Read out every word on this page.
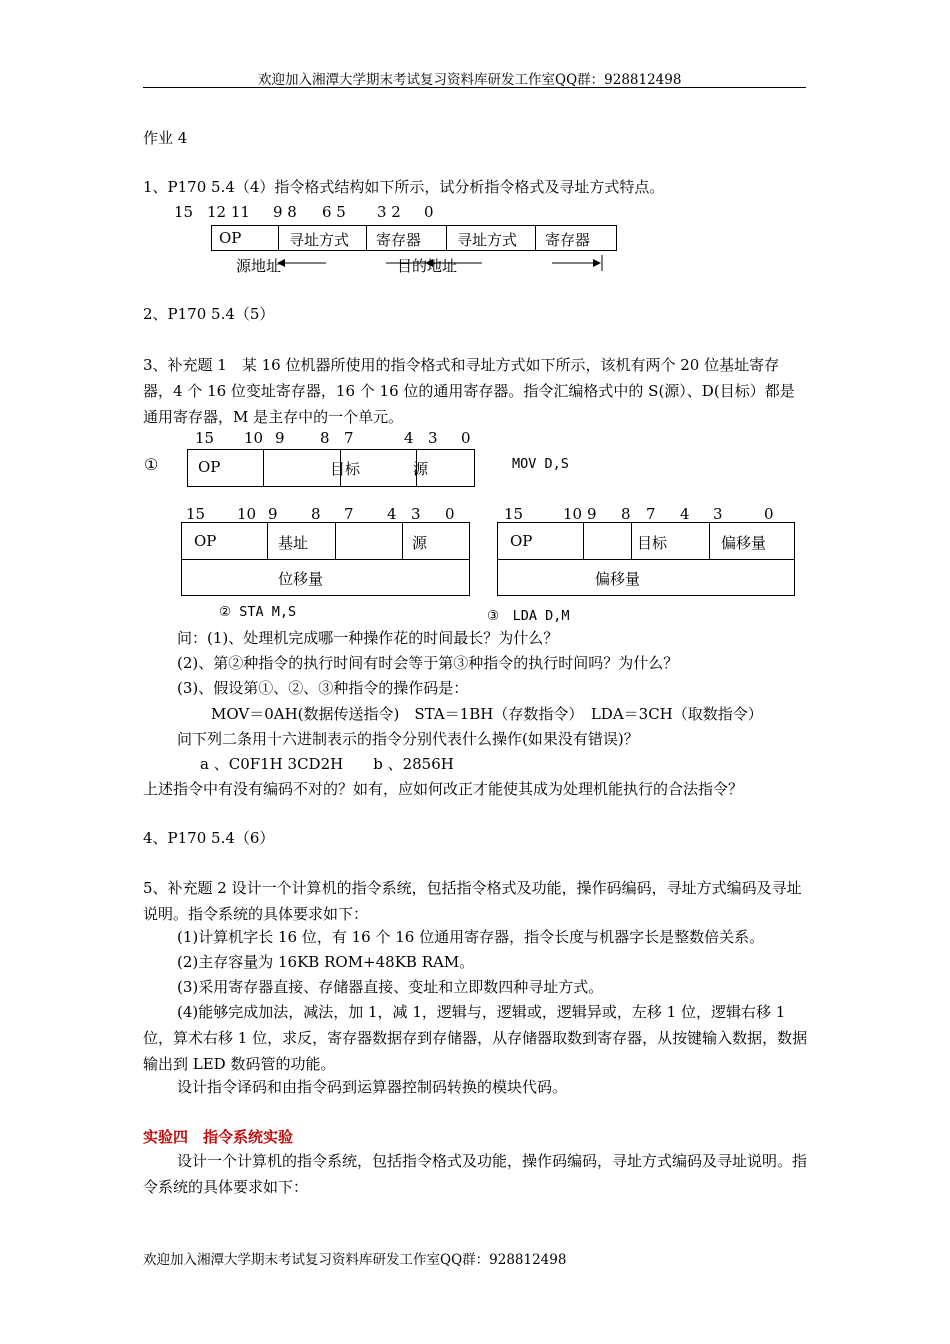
欢迎加入湘潭大学期末考试复习资料库研发工作室QQ群：928812498
作业 4
1、P170 5.4（4）指令格式结构如下所示，试分析指令格式及寻址方式特点。
15 12 11 9 8 6 5 3 2 0
OP	寻址方式 寄存器 寻址方式 寄存器
源地址	目的地址
2、P170 5.4（5）
3、补充题 1　某 16 位机器所使用的指令格式和寻址方式如下所示，该机有两个 20 位基址寄存器，4 个 16 位变址寄存器，16 个 16 位的通用寄存器。指令汇编格式中的 S(源）、D(目标）都是通用寄存器，M 是主存中的一个单元。
15 10 9 8 7	4 3 0
①	OP	目标	源	MOV D,S
15 10 9 8 7 4 3 0
OP	基址	源
位移量
② STA M,S
15	10 9 8 7 4 3	0
OP	目标	偏移量
偏移量
③　LDA D,M
问：(1)、处理机完成哪一种操作花的时间最长？为什么？
(2)、第②种指令的执行时间有时会等于第③种指令的执行时间吗？为什么？
(3)、假设第①、②、③种指令的操作码是：
MOV＝0AH(数据传送指令)　STA＝1BH（存数指令）　LDA＝3CH（取数指令）
问下列二条用十六进制表示的指令分别代表什么操作(如果没有错误)？
a 、C0F1H 3CD2H　　b 、2856H
上述指令中有没有编码不对的？如有，应如何改正才能使其成为处理机能执行的合法指令？
4、P170 5.4（6）
5、补充题 2 设计一个计算机的指令系统，包括指令格式及功能，操作码编码，寻址方式编码及寻址说明。指令系统的具体要求如下：
(1)计算机字长 16 位，有 16 个 16 位通用寄存器，指令长度与机器字长是整数倍关系。
(2)主存容量为 16KB ROM+48KB RAM。
(3)采用寄存器直接、存储器直接、变址和立即数四种寻址方式。
(4)能够完成加法，减法，加 1，减 1，逻辑与，逻辑或，逻辑异或，左移 1 位，逻辑右移 1 位，算术右移 1 位，求反，寄存器数据存到存储器，从存储器取数到寄存器，从按键输入数据，数据输出到 LED 数码管的功能。
设计指令译码和由指令码到运算器控制码转换的模块代码。
实验四　指令系统实验
设计一个计算机的指令系统，包括指令格式及功能，操作码编码，寻址方式编码及寻址说明。指令系统的具体要求如下：
欢迎加入湘潭大学期末考试复习资料库研发工作室QQ群：928812498
